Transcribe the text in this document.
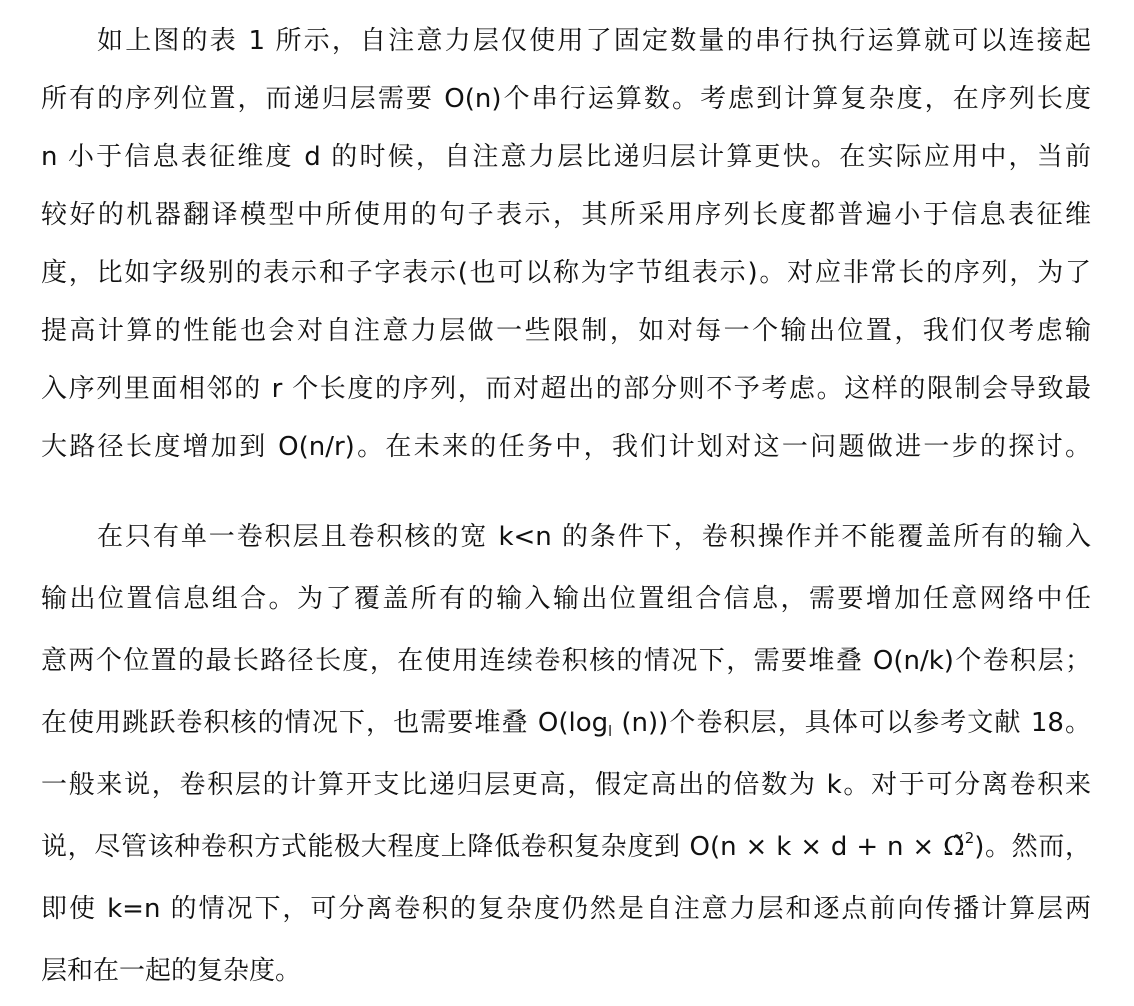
如上图的表 1 所示，自注意力层仅使用了固定数量的串行执行运算就可以连接起
所有的序列位置，而递归层需要 O(n)个串行运算数。考虑到计算复杂度，在序列长度
n 小于信息表征维度 d 的时候，自注意力层比递归层计算更快。在实际应用中，当前
较好的机器翻译模型中所使用的句子表示，其所采用序列长度都普遍小于信息表征维
度，比如字级别的表示和子字表示(也可以称为字节组表示)。对应非常长的序列，为了
提高计算的性能也会对自注意力层做一些限制，如对每一个输出位置，我们仅考虑输
入序列里面相邻的 r 个长度的序列，而对超出的部分则不予考虑。这样的限制会导致最
大路径长度增加到 O(n/r)。在未来的任务中，我们计划对这一问题做进一步的探讨。
在只有单一卷积层且卷积核的宽 k<n 的条件下，卷积操作并不能覆盖所有的输入
输出位置信息组合。为了覆盖所有的输入输出位置组合信息，需要增加任意网络中任
意两个位置的最长路径长度，在使用连续卷积核的情况下，需要堆叠 O(n/k)个卷积层；
在使用跳跃卷积核的情况下，也需要堆叠 $O(\log_l$ (n))个卷积层，具体可以参考文献 18。
一般来说，卷积层的计算开支比递归层更高，假定高出的倍数为 k。对于可分离卷积来
说，尽管该种卷积方式能极大程度上降低卷积复杂度到 O(n × k × d + n × Ω̃$^2$)。然而，
即使 k=n 的情况下，可分离卷积的复杂度仍然是自注意力层和逐点前向传播计算层两
层和在一起的复杂度。
